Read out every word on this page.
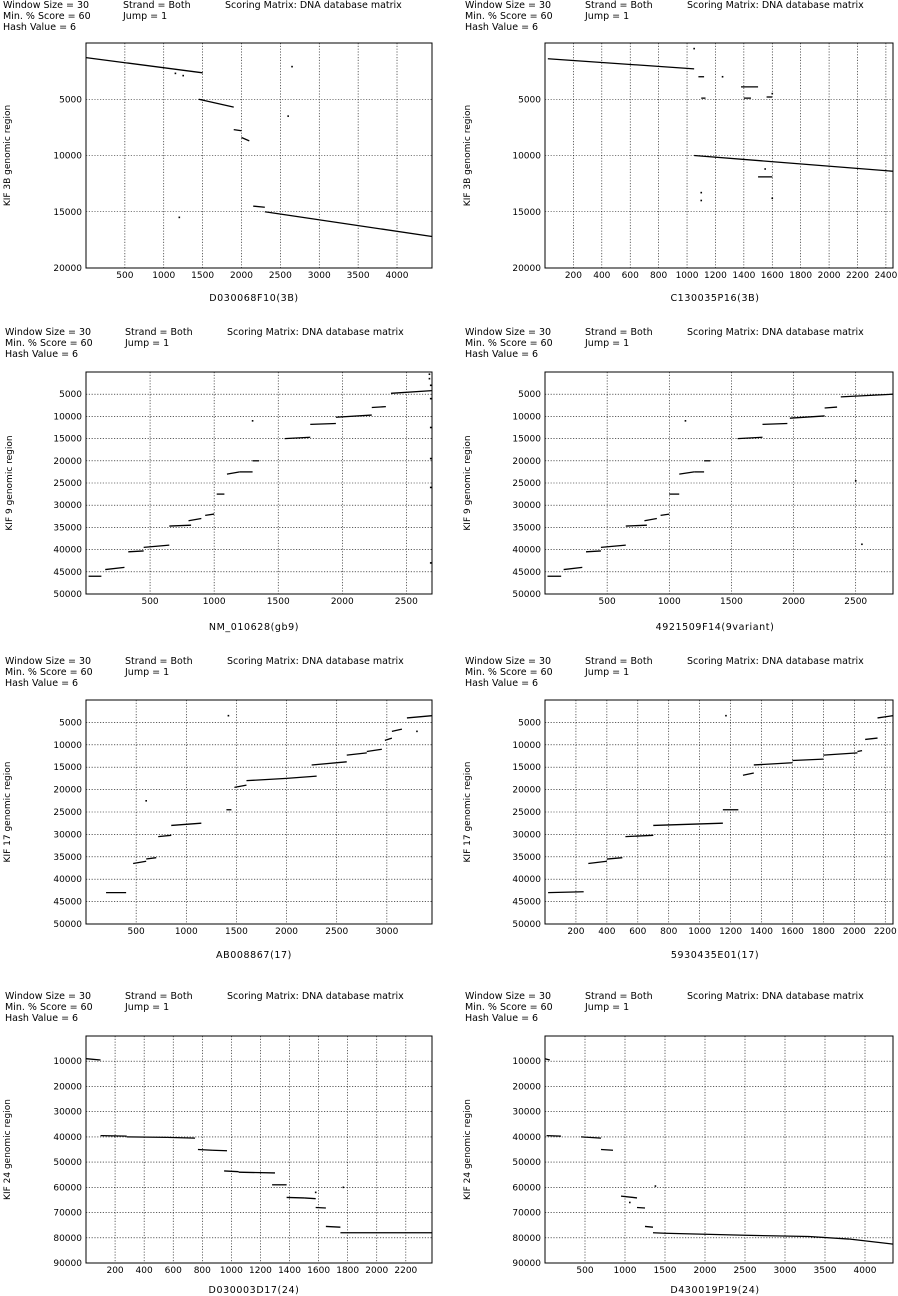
Window Size = 30
Min. % Score = 60
Hash Value = 6
Strand = Both
Jump = 1
Scoring Matrix: DNA database matrix
500 1000 1500 2000 2500 3000 3500 4000
5000
10000
15000
20000
D030068F10(3B)
KIF 3B genomic region
Window Size = 30
Min. % Score = 60
Hash Value = 6
Strand = Both
Jump = 1
Scoring Matrix: DNA database matrix
200 400 600 800 1000 1200 1400 1600 1800 2000 2200 2400
5000
10000
15000
20000
C130035P16(3B)
KIF 3B genomic region
Window Size = 30
Min. % Score = 60
Hash Value = 6
Strand = Both
Jump = 1
Scoring Matrix: DNA database matrix
500	1000	1500	2000	2500
5000
10000
15000
20000
25000
30000
35000
40000
45000
50000
NM_010628(gb9)
KIF 9 genomic region
Window Size = 30
Min. % Score = 60
Hash Value = 6
Strand = Both
Jump = 1
Scoring Matrix: DNA database matrix
500	1000	1500	2000	2500
5000
10000
15000
20000
25000
30000
35000
40000
45000
50000
4921509F14(9variant)
KIF 9 genomic region
Window Size = 30
Min. % Score = 60
Hash Value = 6
Strand = Both
Jump = 1
Scoring Matrix: DNA database matrix
500	1000	1500	2000	2500	3000
5000
10000
15000
20000
25000
30000
35000
40000
45000
50000
AB008867(17)
KIF 17 genomic region
Window Size = 30
Min. % Score = 60
Hash Value = 6
Strand = Both
Jump = 1
Scoring Matrix: DNA database matrix
200 400 600 800 1000 1200 1400 1600 1800 2000 2200
5000
10000
15000
20000
25000
30000
35000
40000
45000
50000
5930435E01(17)
KIF 17 genomic region
Window Size = 30
Min. % Score = 60
Hash Value = 6
Strand = Both
Jump = 1
Scoring Matrix: DNA database matrix
200 400 600 800 1000 1200 1400 1600 1800 2000 2200
10000
20000
30000
40000
50000
60000
70000
80000
90000
D030003D17(24)
KIF 24 genomic region
Window Size = 30
Min. % Score = 60
Hash Value = 6
Strand = Both
Jump = 1
Scoring Matrix: DNA database matrix
500 1000 1500 2000 2500 3000 3500 4000
10000
20000
30000
40000
50000
60000
70000
80000
90000
D430019P19(24)
KIF 24 genomic region
